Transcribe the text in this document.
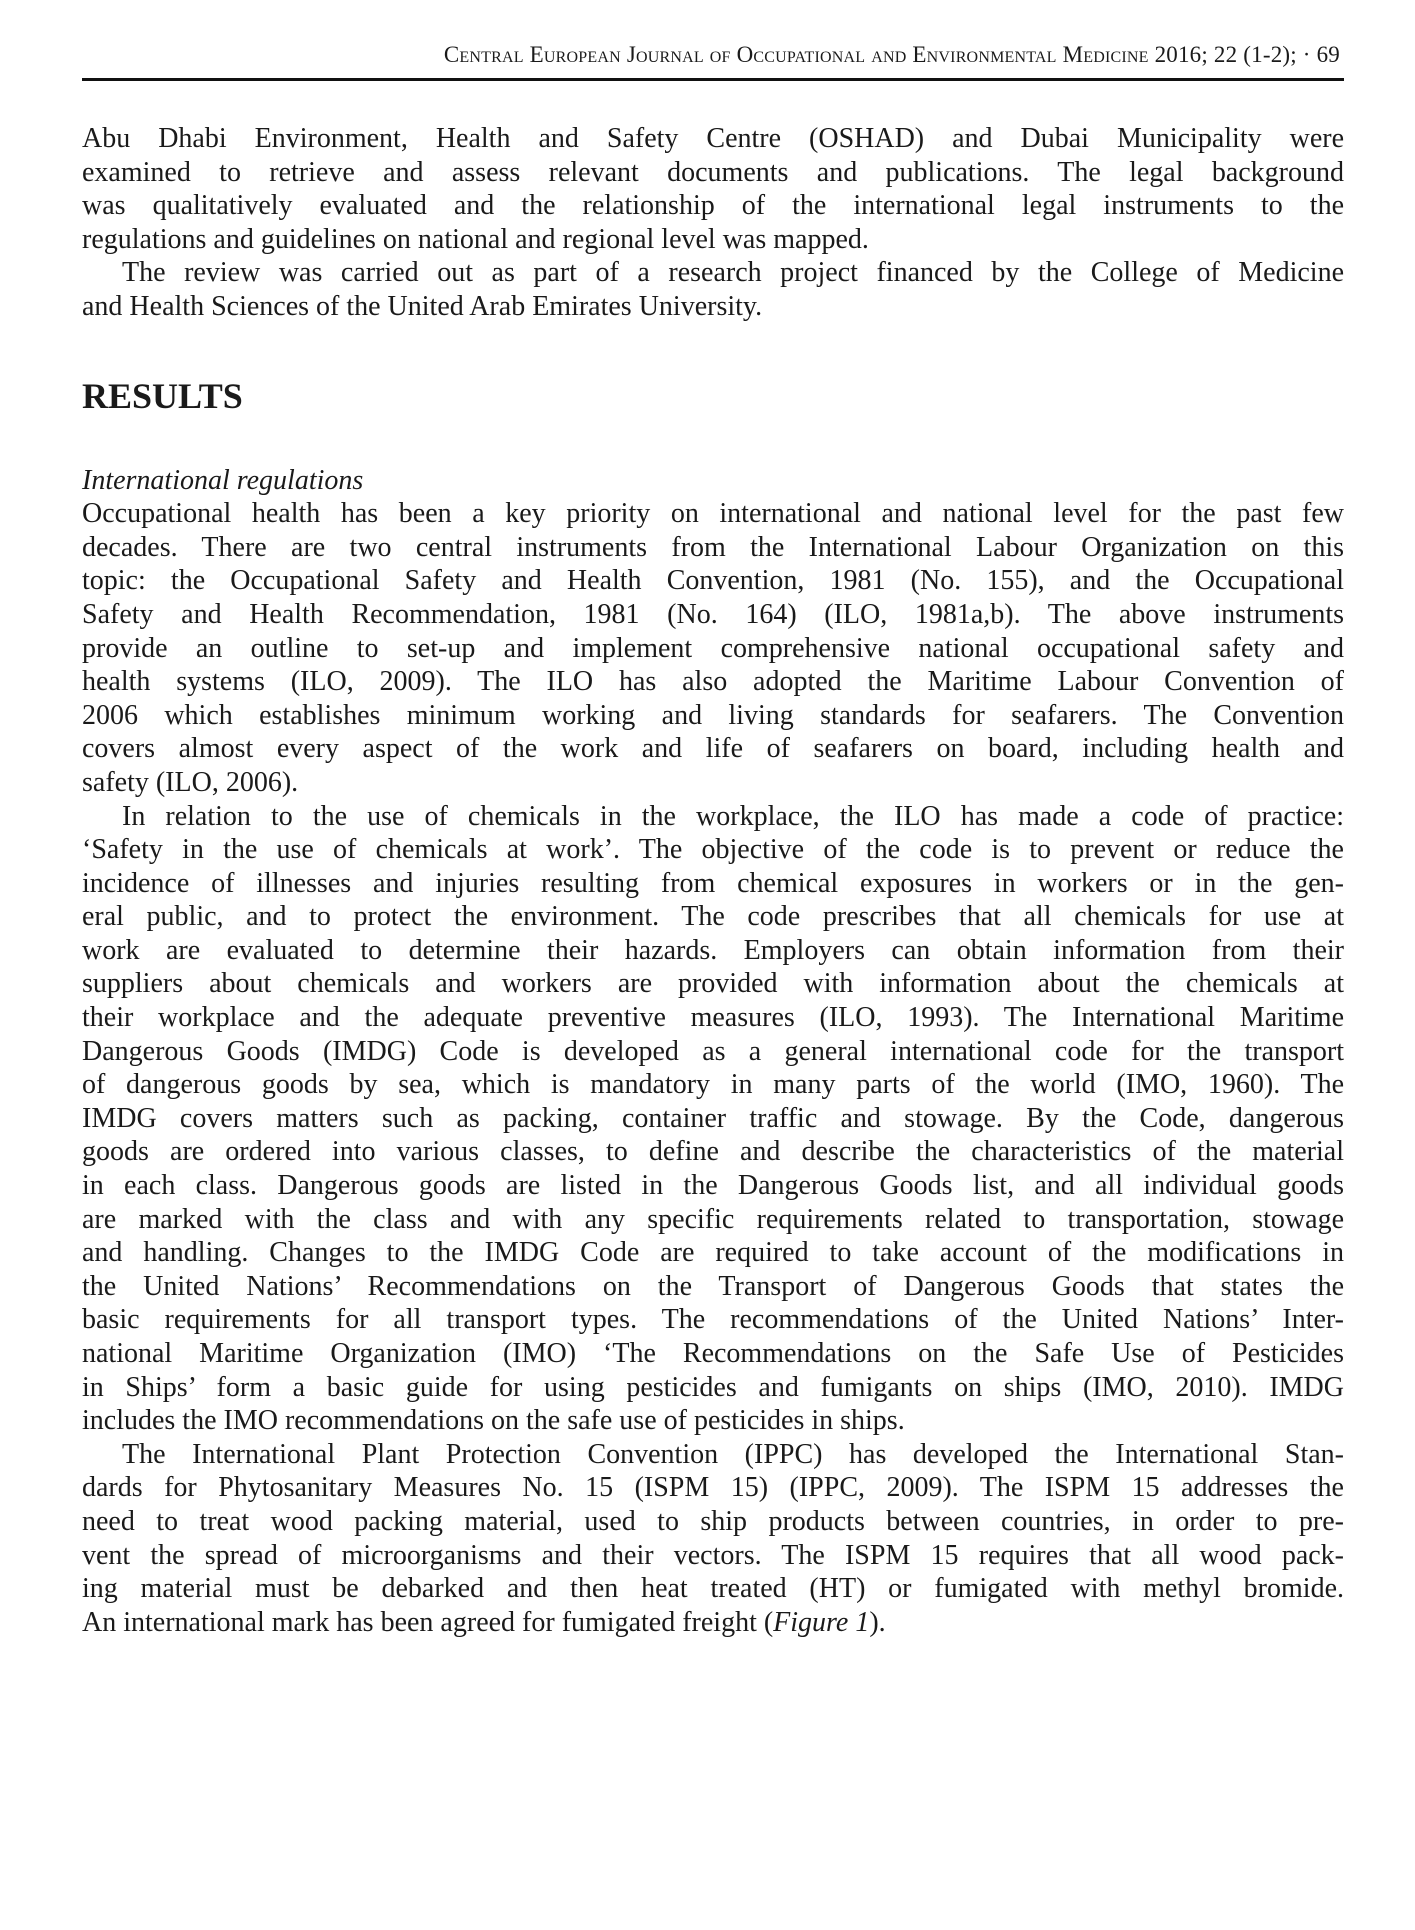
Central European Journal of Occupational and Environmental Medicine 2016; 22 (1-2); · 69
Abu Dhabi Environment, Health and Safety Centre (OSHAD) and Dubai Municipality were
examined to retrieve and assess relevant documents and publications. The legal background
was qualitatively evaluated and the relationship of the international legal instruments to the
regulations and guidelines on national and regional level was mapped.
The review was carried out as part of a research project financed by the College of Medicine
and Health Sciences of the United Arab Emirates University.
RESULTS
International regulations
Occupational health has been a key priority on international and national level for the past few
decades. There are two central instruments from the International Labour Organization on this
topic: the Occupational Safety and Health Convention, 1981 (No. 155), and the Occupational
Safety and Health Recommendation, 1981 (No. 164) (ILO, 1981a,b). The above instruments
provide an outline to set-up and implement comprehensive national occupational safety and
health systems (ILO, 2009). The ILO has also adopted the Maritime Labour Convention of
2006 which establishes minimum working and living standards for seafarers. The Convention
covers almost every aspect of the work and life of seafarers on board, including health and
safety (ILO, 2006).
In relation to the use of chemicals in the workplace, the ILO has made a code of practice:
‘Safety in the use of chemicals at work’. The objective of the code is to prevent or reduce the
incidence of illnesses and injuries resulting from chemical exposures in workers or in the gen-
eral public, and to protect the environment. The code prescribes that all chemicals for use at
work are evaluated to determine their hazards. Employers can obtain information from their
suppliers about chemicals and workers are provided with information about the chemicals at
their workplace and the adequate preventive measures (ILO, 1993). The International Maritime
Dangerous Goods (IMDG) Code is developed as a general international code for the transport
of dangerous goods by sea, which is mandatory in many parts of the world (IMO, 1960). The
IMDG covers matters such as packing, container traffic and stowage. By the Code, dangerous
goods are ordered into various classes, to define and describe the characteristics of the material
in each class. Dangerous goods are listed in the Dangerous Goods list, and all individual goods
are marked with the class and with any specific requirements related to transportation, stowage
and handling. Changes to the IMDG Code are required to take account of the modifications in
the United Nations’ Recommendations on the Transport of Dangerous Goods that states the
basic requirements for all transport types. The recommendations of the United Nations’ Inter-
national Maritime Organization (IMO) ‘The Recommendations on the Safe Use of Pesticides
in Ships’ form a basic guide for using pesticides and fumigants on ships (IMO, 2010). IMDG
includes the IMO recommendations on the safe use of pesticides in ships.
The International Plant Protection Convention (IPPC) has developed the International Stan-
dards for Phytosanitary Measures No. 15 (ISPM 15) (IPPC, 2009). The ISPM 15 addresses the
need to treat wood packing material, used to ship products between countries, in order to pre-
vent the spread of microorganisms and their vectors. The ISPM 15 requires that all wood pack-
ing material must be debarked and then heat treated (HT) or fumigated with methyl bromide.
An international mark has been agreed for fumigated freight (Figure 1).
